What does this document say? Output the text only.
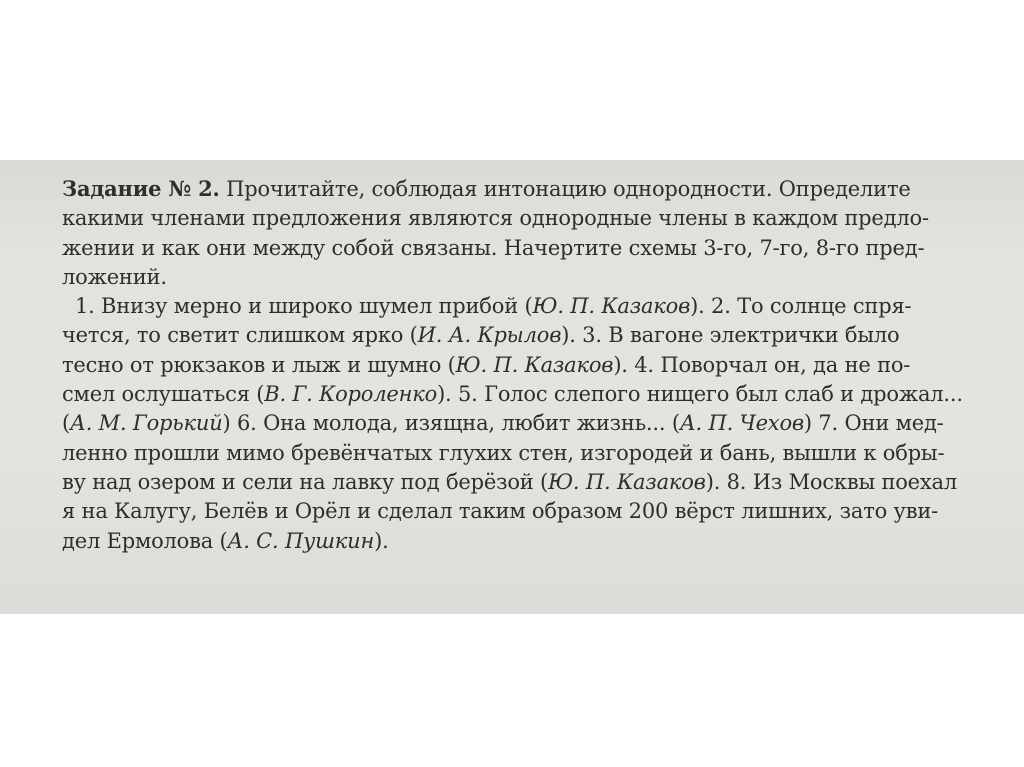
Задание № 2. Прочитайте, соблюдая интонацию однородности. Определите
какими членами предложения являются однородные члены в каждом предло-
жении и как они между собой связаны. Начертите схемы 3-го, 7-го, 8-го пред-
ложений.
1. Внизу мерно и широко шумел прибой (Ю. П. Казаков). 2. То солнце спря-
чется, то светит слишком ярко (И. А. Крылов). 3. В вагоне электрички было
тесно от рюкзаков и лыж и шумно (Ю. П. Казаков). 4. Поворчал он, да не по-
смел ослушаться (В. Г. Короленко). 5. Голос слепого нищего был слаб и дрожал...
(А. М. Горький) 6. Она молода, изящна, любит жизнь... (А. П. Чехов) 7. Они мед-
ленно прошли мимо бревёнчатых глухих стен, изгородей и бань, вышли к обры-
ву над озером и сели на лавку под берёзой (Ю. П. Казаков). 8. Из Москвы поехал
я на Калугу, Белёв и Орёл и сделал таким образом 200 вёрст лишних, зато уви-
дел Ермолова (А. С. Пушкин).
